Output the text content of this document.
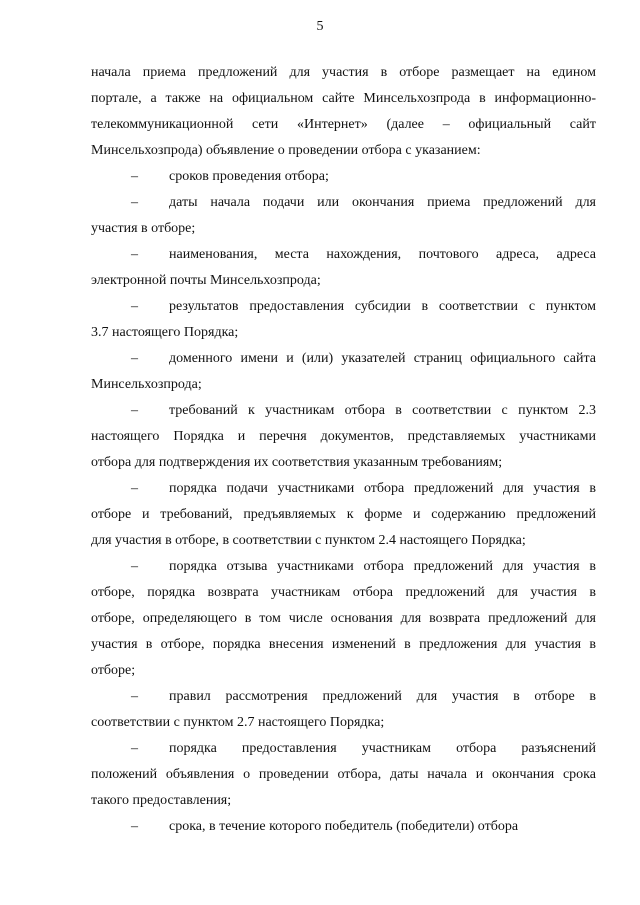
5
начала приема предложений для участия в отборе размещает на едином
портале, а также на официальном сайте Минсельхозпрода в информационно-
телекоммуникационной сети «Интернет» (далее – официальный сайт
Минсельхозпрода) объявление о проведении отбора с указанием:
– сроков проведения отбора;
– даты начала подачи или окончания приема предложений для
участия в отборе;
– наименования, места нахождения, почтового адреса, адреса
электронной почты Минсельхозпрода;
– результатов предоставления субсидии в соответствии с пунктом
3.7 настоящего Порядка;
– доменного имени и (или) указателей страниц официального сайта
Минсельхозпрода;
– требований к участникам отбора в соответствии с пунктом 2.3
настоящего Порядка и перечня документов, представляемых участниками
отбора для подтверждения их соответствия указанным требованиям;
– порядка подачи участниками отбора предложений для участия в
отборе и требований, предъявляемых к форме и содержанию предложений
для участия в отборе, в соответствии с пунктом 2.4 настоящего Порядка;
– порядка отзыва участниками отбора предложений для участия в
отборе, порядка возврата участникам отбора предложений для участия в
отборе, определяющего в том числе основания для возврата предложений для
участия в отборе, порядка внесения изменений в предложения для участия в
отборе;
– правил рассмотрения предложений для участия в отборе в
соответствии с пунктом 2.7 настоящего Порядка;
– порядка предоставления участникам отбора разъяснений
положений объявления о проведении отбора, даты начала и окончания срока
такого предоставления;
– срока, в течение которого победитель (победители) отбора
